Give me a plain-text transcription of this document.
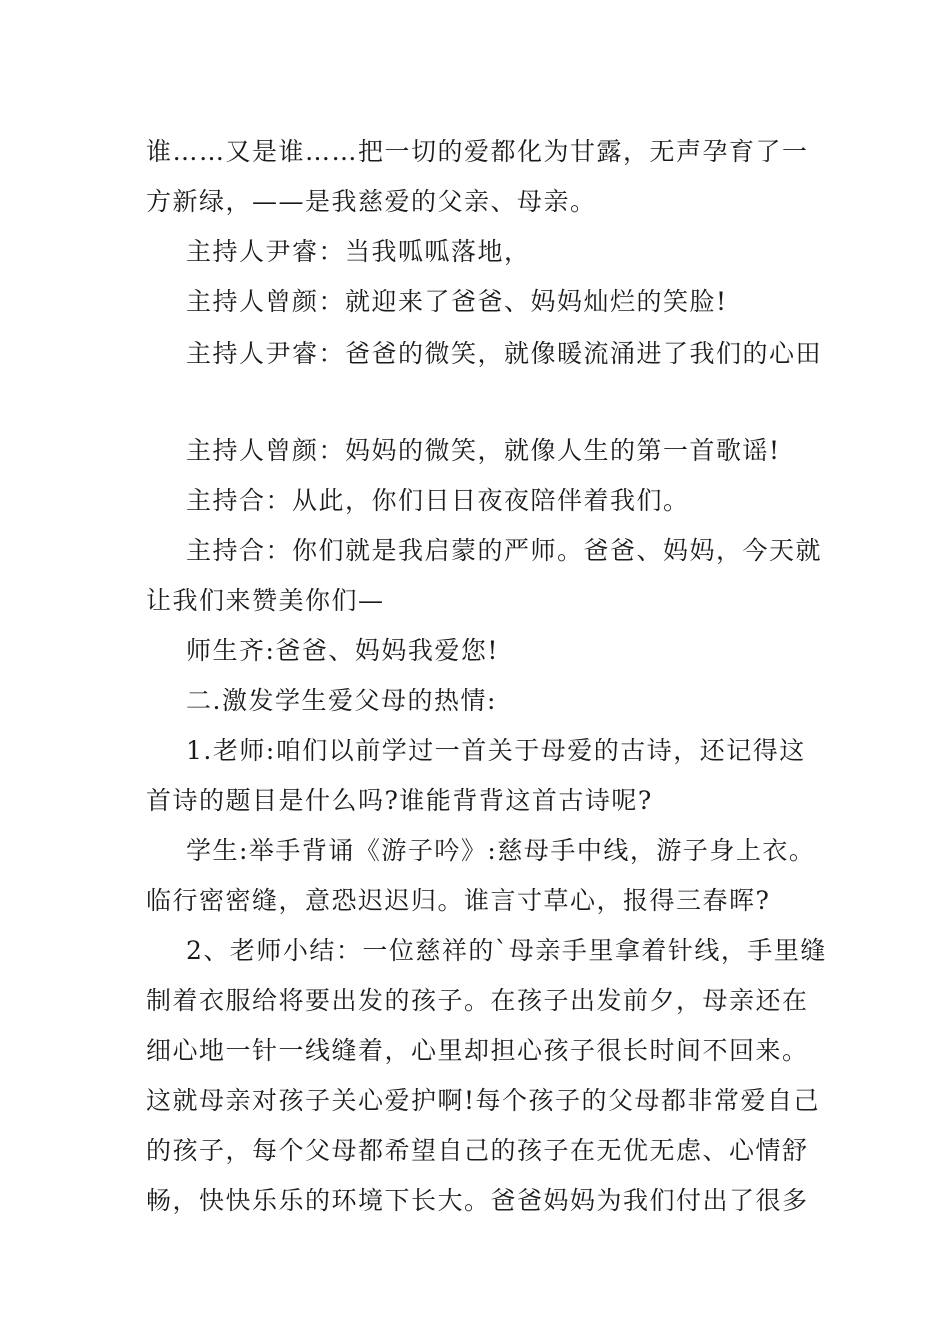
谁……又是谁……把一切的爱都化为甘露，无声孕育了一
方新绿，——是我慈爱的父亲、母亲。
主持人尹睿：当我呱呱落地，
主持人曾颜：就迎来了爸爸、妈妈灿烂的笑脸!
主持人尹睿：爸爸的微笑，就像暖流涌进了我们的心田
主持人曾颜：妈妈的微笑，就像人生的第一首歌谣!
主持合：从此，你们日日夜夜陪伴着我们。
主持合：你们就是我启蒙的严师。爸爸、妈妈，今天就
让我们来赞美你们—
师生齐:爸爸、妈妈我爱您!
二.激发学生爱父母的热情:
1.老师:咱们以前学过一首关于母爱的古诗，还记得这
首诗的题目是什么吗?谁能背背这首古诗呢?
学生:举手背诵《游子吟》:慈母手中线，游子身上衣。
临行密密缝，意恐迟迟归。谁言寸草心，报得三春晖?
2、老师小结：一位慈祥的`母亲手里拿着针线，手里缝
制着衣服给将要出发的孩子。在孩子出发前夕，母亲还在
细心地一针一线缝着，心里却担心孩子很长时间不回来。
这就母亲对孩子关心爱护啊!每个孩子的父母都非常爱自己
的孩子，每个父母都希望自己的孩子在无优无虑、心情舒
畅，快快乐乐的环境下长大。爸爸妈妈为我们付出了很多
